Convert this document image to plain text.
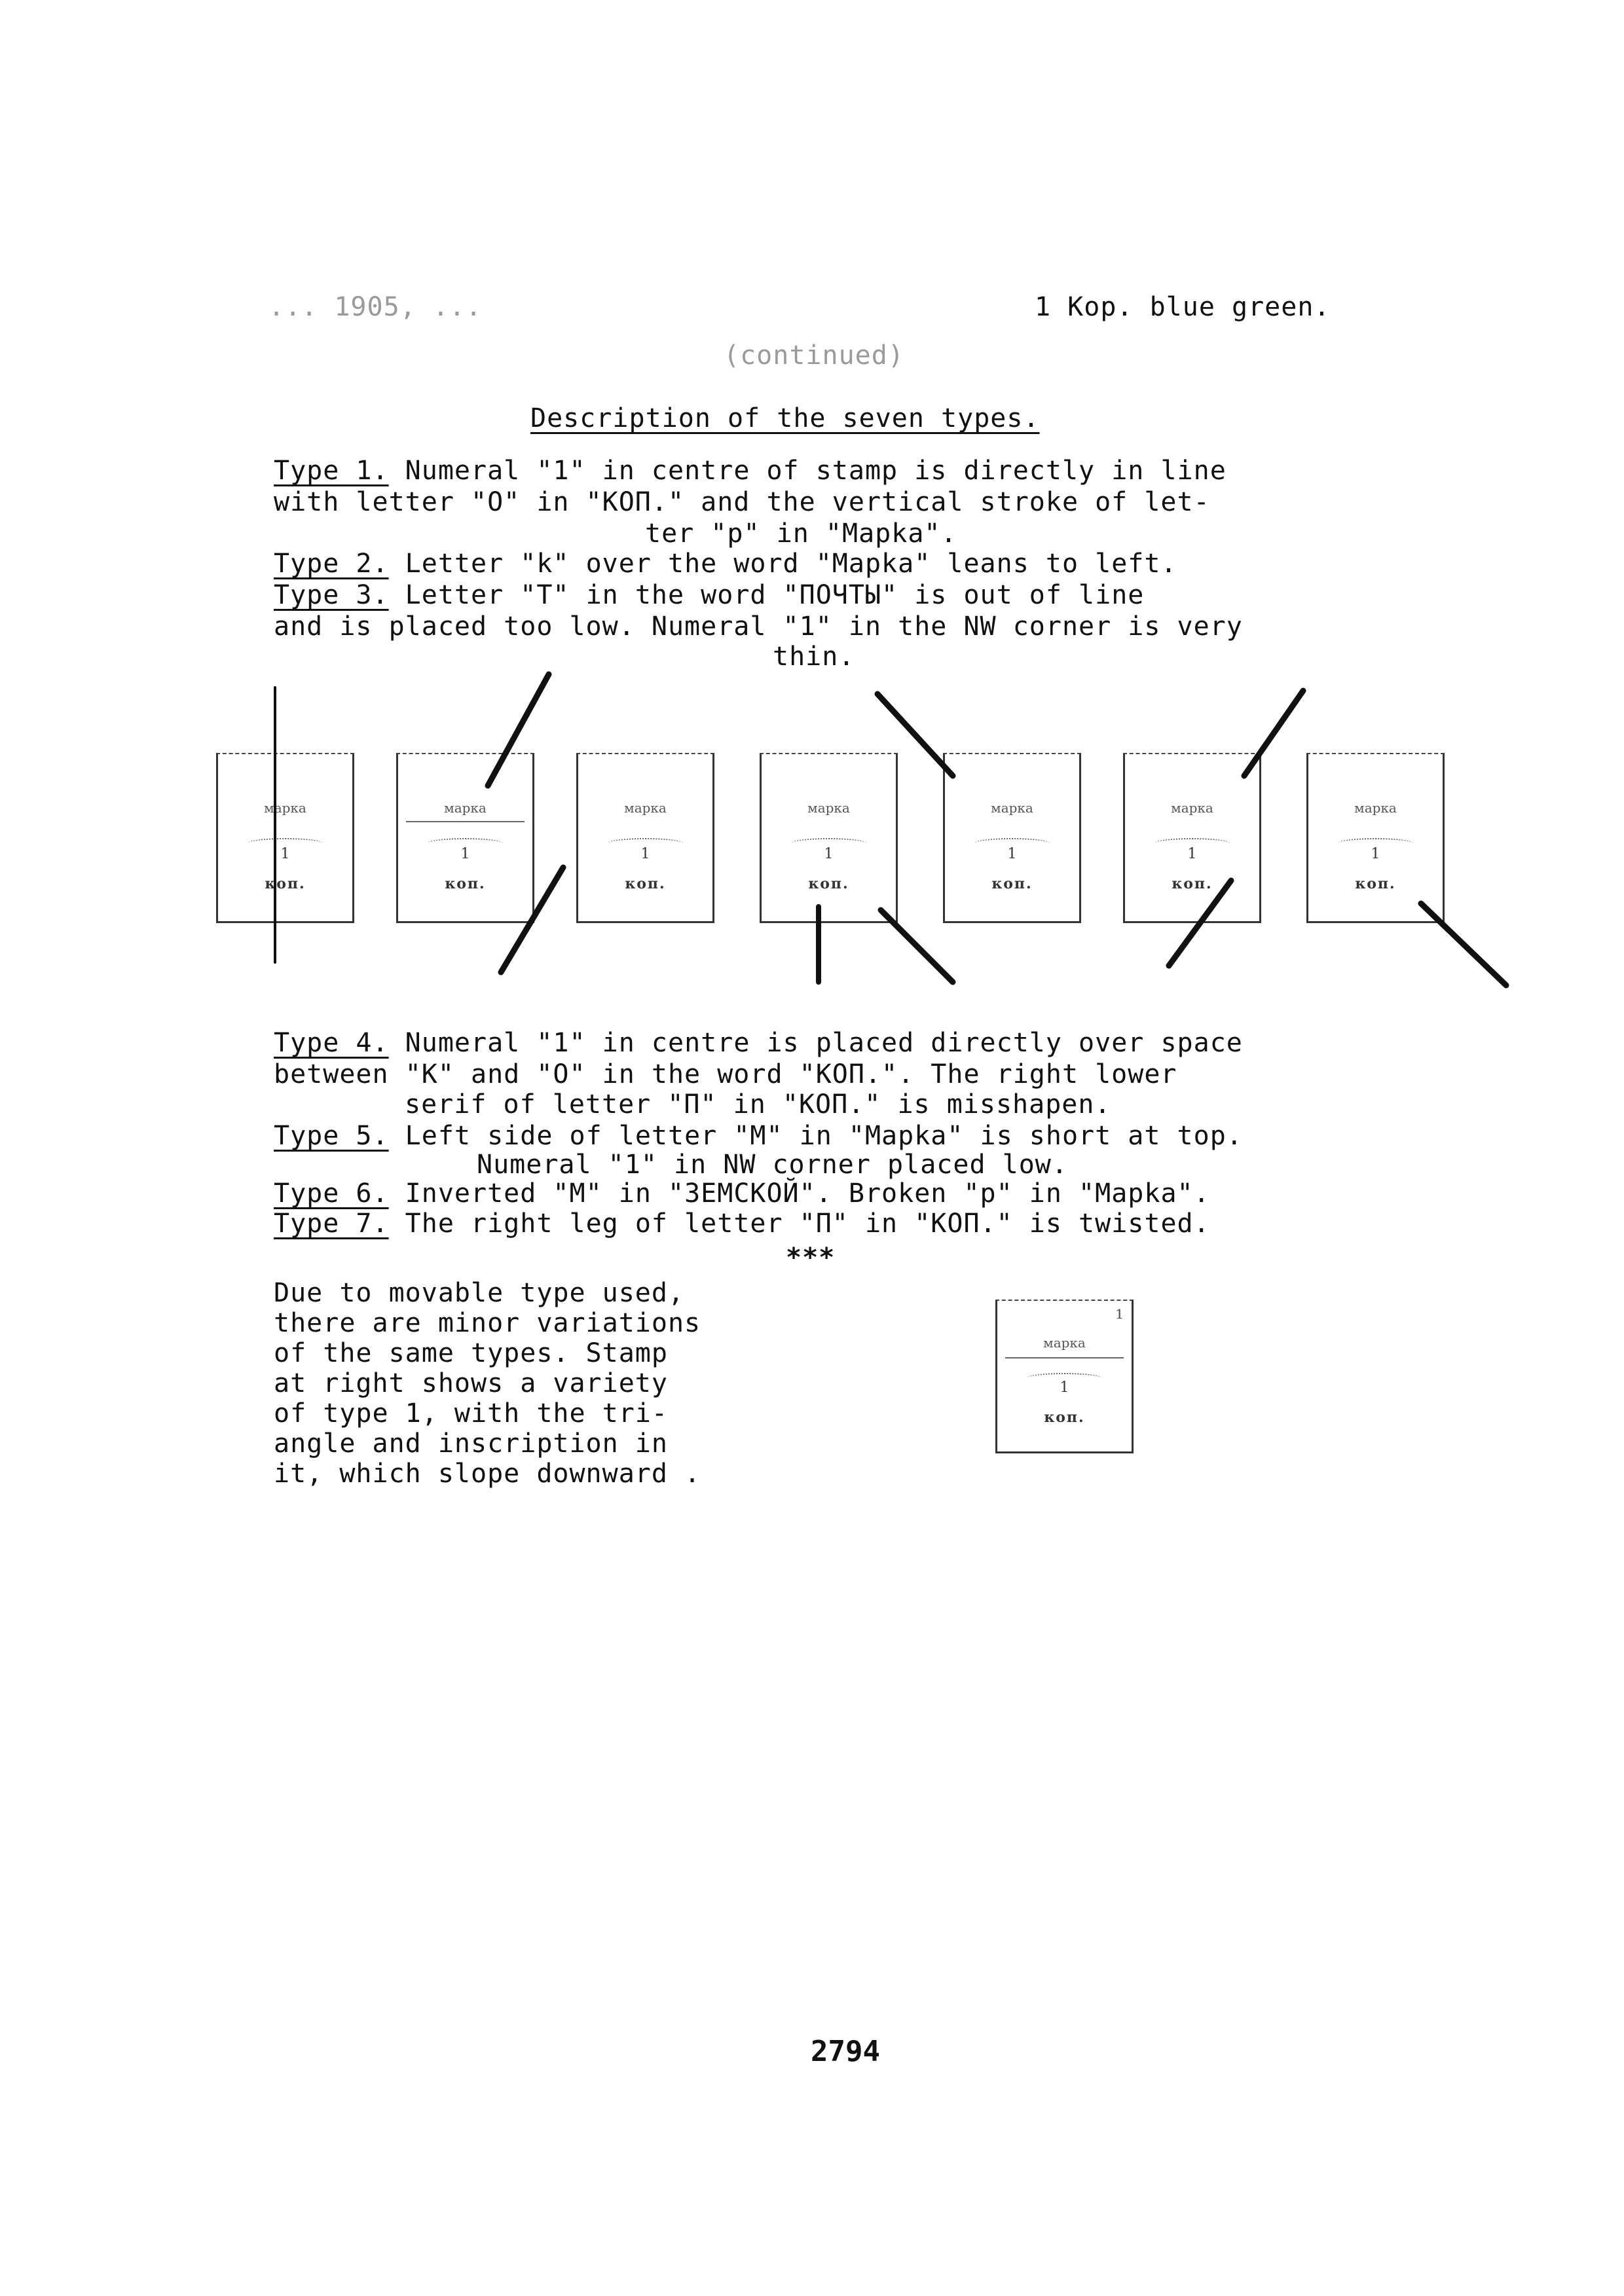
... 1905, ...	1 Kop. blue green.
(continued)
Description of the seven types.
Type 1. Numeral "1" in centre of stamp is directly in line
with letter "O" in "КОП." and the vertical stroke of let-
ter "p" in "Mapka".
Type 2. Letter "k" over the word "Mapka" leans to left.
Type 3. Letter "T" in the word "ПОЧТЫ" is out of line
and is placed too low. Numeral "1" in the NW corner is very
thin.
марка
1
коп.
марка
1
коп.
марка
1
коп.
марка
1
коп.
марка
1
коп.
марка
1
коп.
марка
1
коп.
Type 4. Numeral "1" in centre is placed directly over space
between "K" and "O" in the word "КОП.". The right lower
serif of letter "П" in "КОП." is misshapen.
Type 5. Left side of letter "M" in "Mapka" is short at top.
Numeral "1" in NW corner placed low.
Type 6. Inverted "M" in "ЗЕМСКОЙ". Broken "p" in "Mapka".
Type 7. The right leg of letter "П" in "КОП." is twisted.
***
Due to movable type used,
there are minor variations
of the same types. Stamp
at right shows a variety
of type 1, with the tri-
angle and inscription in
it, which slope downward .
1
марка
1
коп.
2794
